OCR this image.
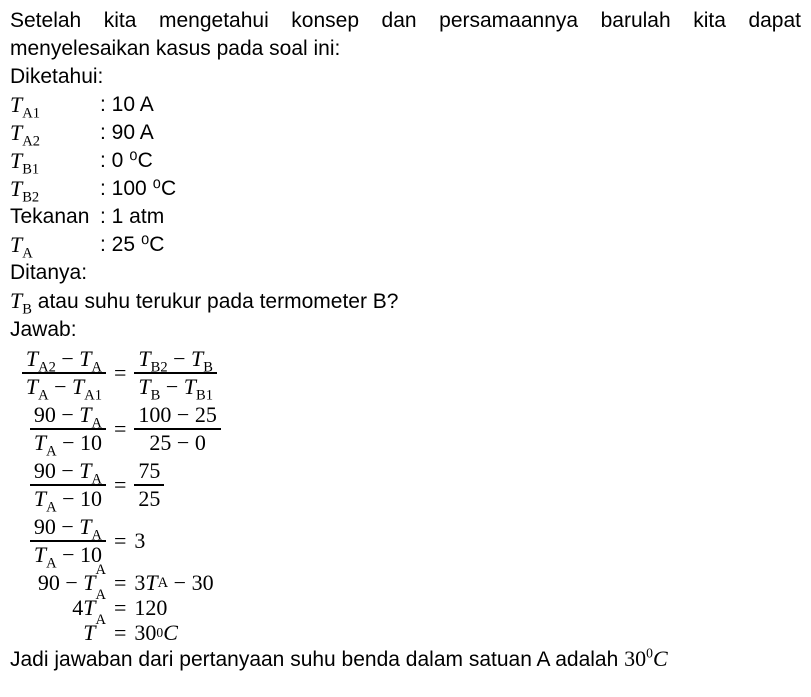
Setelah kita mengetahui konsep dan persamaannya barulah kita dapat
menyelesaikan kasus pada soal ini:
Diketahui:
$T_{A1}$	: 10 A
$T_{A2}$	: 90 A
$T_{B1}$	: 0 ⁰C
$T_{B2}$	: 100 ⁰C
Tekanan : 1 atm
$T_A$	: 25 ⁰C
Ditanya:
$T_B$ atau suhu terukur pada termometer B?
Jawab:
$\frac{T_{A2} - T_A}{T_A - T_{A1}} = \frac{T_{B2} - T_B}{T_B - T_{B1}}$
$\frac{90 - T_A}{T_A - 10} = \frac{100 - 25}{25 - 0}$
$\frac{90 - T_A}{T_A - 10} = \frac{75}{25}$
$\frac{90 - T_A}{T_A - 10} = 3$
90 − T A = 3 T A − 30
4 T A = 120
T A = 30 0 C
Jadi jawaban dari pertanyaan suhu benda dalam satuan A adalah $30^0C$
